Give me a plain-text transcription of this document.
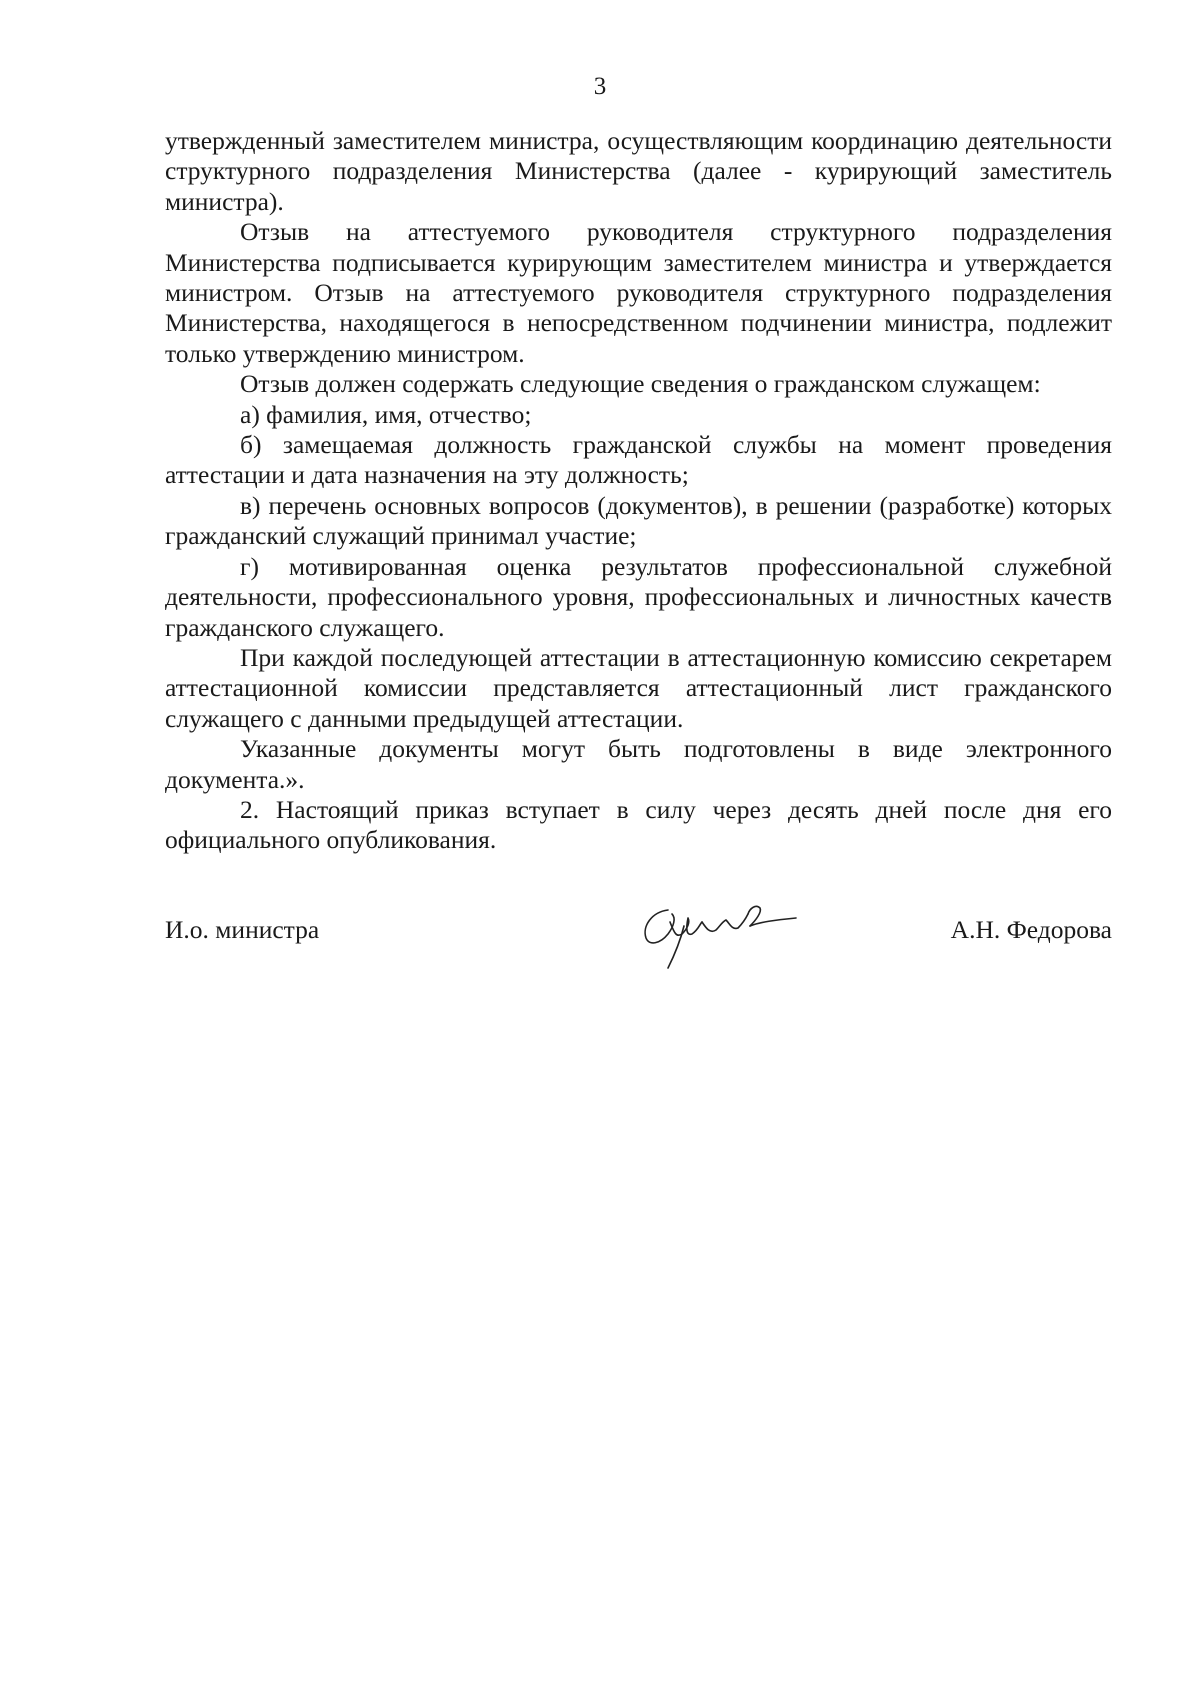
3

утвержденный заместителем министра, осуществляющим координацию деятельности структурного подразделения Министерства (далее - курирующий заместитель министра).

Отзыв на аттестуемого руководителя структурного подразделения Министерства подписывается курирующим заместителем министра и утверждается министром. Отзыв на аттестуемого руководителя структурного подразделения Министерства, находящегося в непосредственном подчинении министра, подлежит только утверждению министром.

Отзыв должен содержать следующие сведения о гражданском служащем:

а) фамилия, имя, отчество;

б) замещаемая должность гражданской службы на момент проведения аттестации и дата назначения на эту должность;

в) перечень основных вопросов (документов), в решении (разработке) которых гражданский служащий принимал участие;

г) мотивированная оценка результатов профессиональной служебной деятельности, профессионального уровня, профессиональных и личностных качеств гражданского служащего.

При каждой последующей аттестации в аттестационную комиссию секретарем аттестационной комиссии представляется аттестационный лист гражданского служащего с данными предыдущей аттестации.

Указанные документы могут быть подготовлены в виде электронного документа.».

2. Настоящий приказ вступает в силу через десять дней после дня его официального опубликования.

И.о. министра	А.Н. Федорова
